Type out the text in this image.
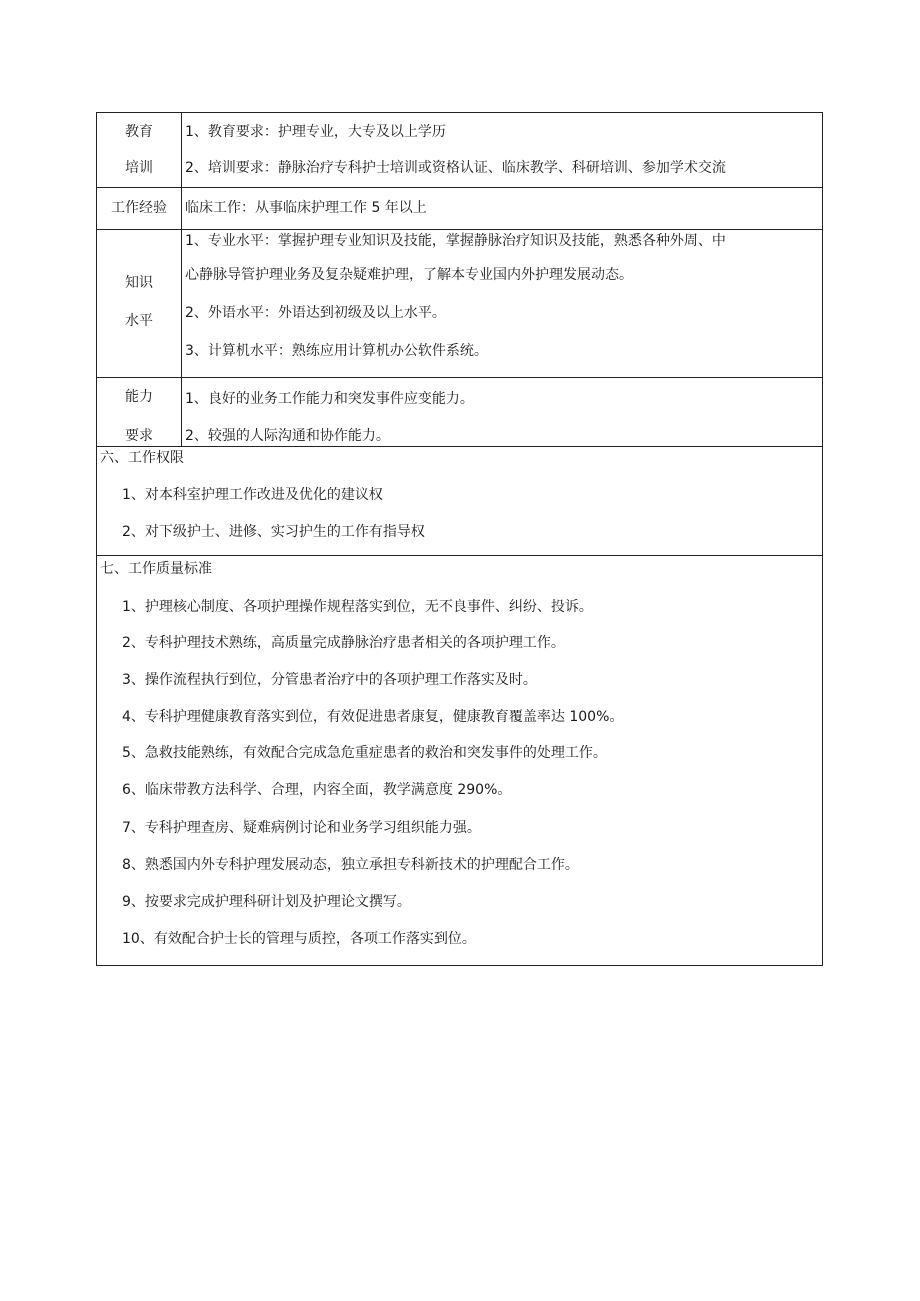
教育
培训
1、教育要求：护理专业，大专及以上学历
2、培训要求：静脉治疗专科护士培训或资格认证、临床教学、科研培训、参加学术交流
工作经验	临床工作：从事临床护理工作 5 年以上
知识
水平
1、专业水平：掌握护理专业知识及技能，掌握静脉治疗知识及技能，熟悉各种外周、中
心静脉导管护理业务及复杂疑难护理，了解本专业国内外护理发展动态。
2、外语水平：外语达到初级及以上水平。
3、计算机水平：熟练应用计算机办公软件系统。
能力
要求
1、良好的业务工作能力和突发事件应变能力。
2、较强的人际沟通和协作能力。
六、工作权限
1、对本科室护理工作改进及优化的建议权
2、对下级护士、进修、实习护生的工作有指导权
七、工作质量标准
1、护理核心制度、各项护理操作规程落实到位，无不良事件、纠纷、投诉。
2、专科护理技术熟练，高质量完成静脉治疗患者相关的各项护理工作。
3、操作流程执行到位，分管患者治疗中的各项护理工作落实及时。
4、专科护理健康教育落实到位，有效促进患者康复，健康教育覆盖率达 100%。
5、急救技能熟练，有效配合完成急危重症患者的救治和突发事件的处理工作。
6、临床带教方法科学、合理，内容全面，教学满意度 290%。
7、专科护理查房、疑难病例讨论和业务学习组织能力强。
8、熟悉国内外专科护理发展动态，独立承担专科新技术的护理配合工作。
9、按要求完成护理科研计划及护理论文撰写。
10、有效配合护士长的管理与质控，各项工作落实到位。
